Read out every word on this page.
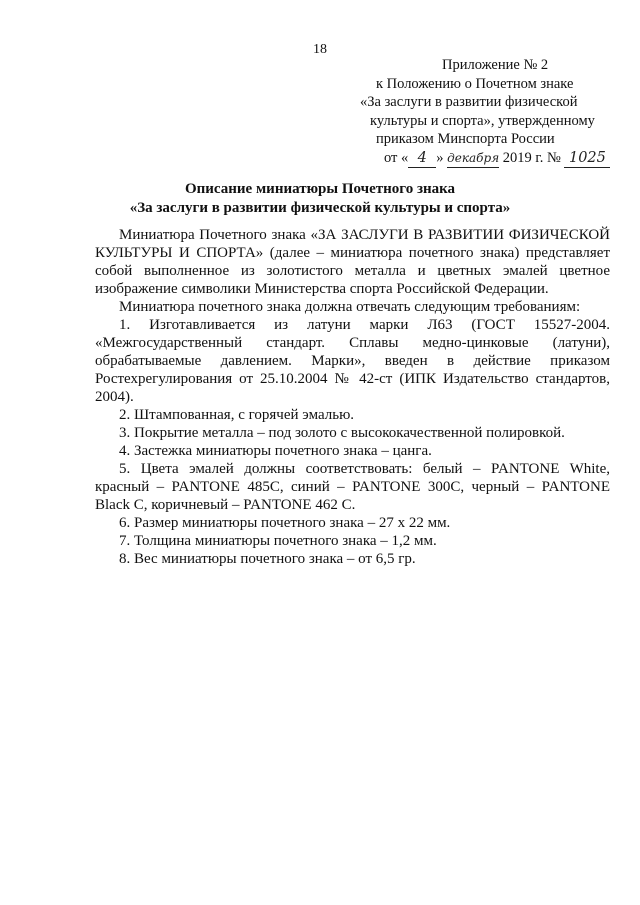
18
Приложение № 2
к Положению о Почетном знаке
«За заслуги в развитии физической
культуры и спорта», утвержденному
приказом Минспорта России
от « 4 » декабря 2019 г. № 1025
Описание миниатюры Почетного знака
«За заслуги в развитии физической культуры и спорта»

Миниатюра Почетного знака «ЗА ЗАСЛУГИ В РАЗВИТИИ ФИЗИЧЕСКОЙ КУЛЬТУРЫ И СПОРТА» (далее – миниатюра почетного знака) представляет собой выполненное из золотистого металла и цветных эмалей цветное изображение символики Министерства спорта Российской Федерации.

Миниатюра почетного знака должна отвечать следующим требованиям:

1. Изготавливается из латуни марки Л63 (ГОСТ 15527-2004. «Межгосударственный стандарт. Сплавы медно-цинковые (латуни), обрабатываемые давлением. Марки», введен в действие приказом Ростехрегулирования от 25.10.2004 № 42-ст (ИПК Издательство стандартов, 2004).

2. Штампованная, с горячей эмалью.

3. Покрытие металла – под золото с высококачественной полировкой.

4. Застежка миниатюры почетного знака – цанга.

5. Цвета эмалей должны соответствовать: белый – PANTONE White, красный – PANTONE 485C, синий – PANTONE 300C, черный – PANTONE Black C, коричневый – PANTONE 462 C.

6. Размер миниатюры почетного знака – 27 х 22 мм.

7. Толщина миниатюры почетного знака – 1,2 мм.

8. Вес миниатюры почетного знака – от 6,5 гр.
